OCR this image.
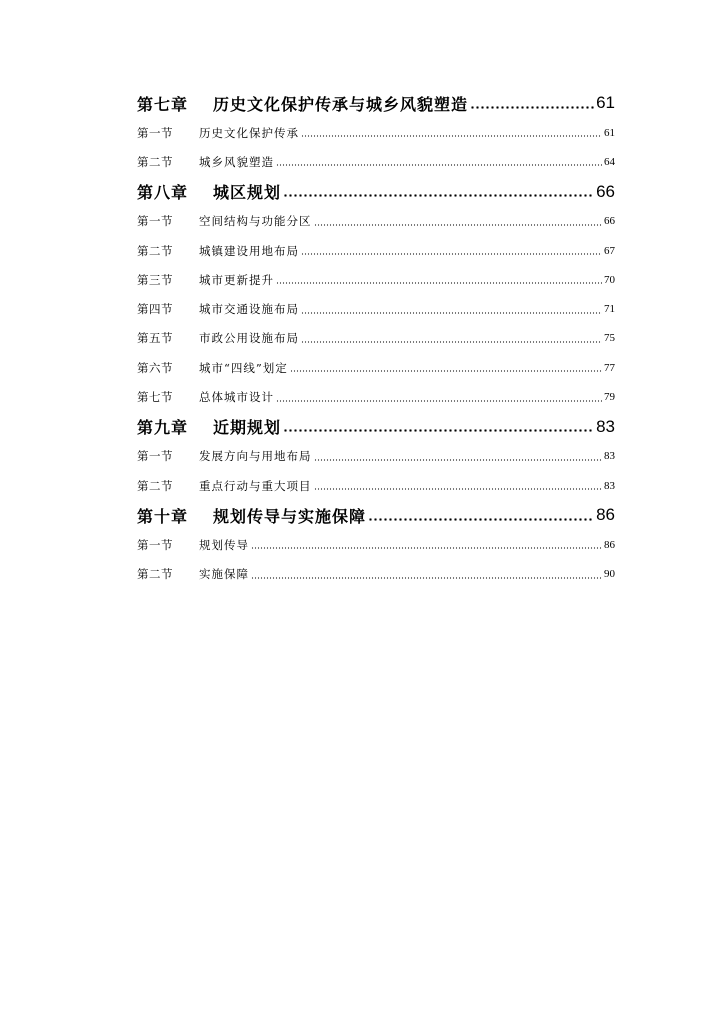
第七章	历史文化保护传承与城乡风貌塑造	61
第一节	历史文化保护传承	61
第二节	城乡风貌塑造	64
第八章	城区规划	66
第一节	空间结构与功能分区	66
第二节	城镇建设用地布局	67
第三节	城市更新提升	70
第四节	城市交通设施布局	71
第五节	市政公用设施布局	75
第六节	城市“四线”划定	77
第七节	总体城市设计	79
第九章	近期规划	83
第一节	发展方向与用地布局	83
第二节	重点行动与重大项目	83
第十章	规划传导与实施保障	86
第一节	规划传导	86
第二节	实施保障	90
